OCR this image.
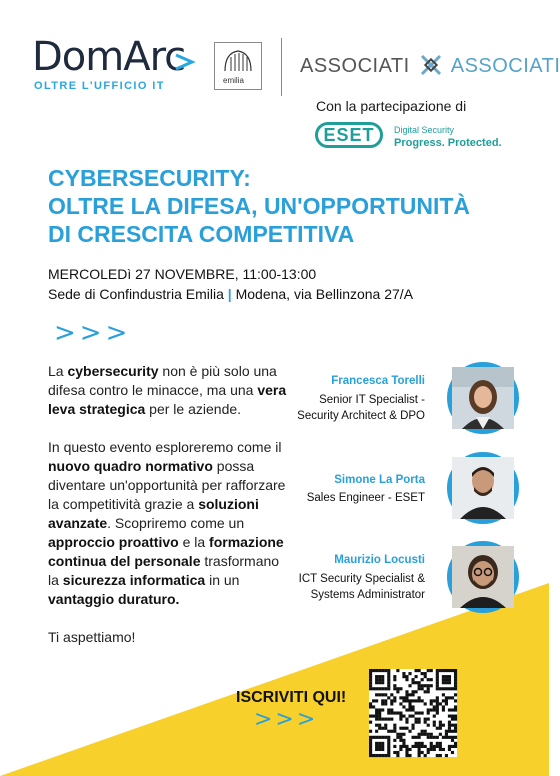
DomArc
OLTRE L'UFFICIO IT	emilia
ASSOCIATI ASSOCIATI
Con la partecipazione di
ESET Digital Security
Progress. Protected.
CYBERSECURITY:
OLTRE LA DIFESA, UN'OPPORTUNITÀ
DI CRESCITA COMPETITIVA
MERCOLEDì 27 NOVEMBRE, 11:00-13:00
Sede di Confindustria Emilia | Modena, via Bellinzona 27/A
>>>

La cybersecurity non è più solo una difesa contro le minacce, ma una vera leva strategica per le aziende.

In questo evento esploreremo come il nuovo quadro normativo possa diventare un'opportunità per rafforzare la competitività grazie a soluzioni avanzate. Scopriremo come un approccio proattivo e la formazione continua del personale trasformano la sicurezza informatica in un vantaggio duraturo.

Ti aspettiamo!

Francesca Torelli
Senior IT Specialist -
Security Architect & DPO
Simone La Porta
Sales Engineer - ESET
Maurizio Locusti
ICT Security Specialist &
Systems Administrator
ISCRIVITI QUI!
>>>
